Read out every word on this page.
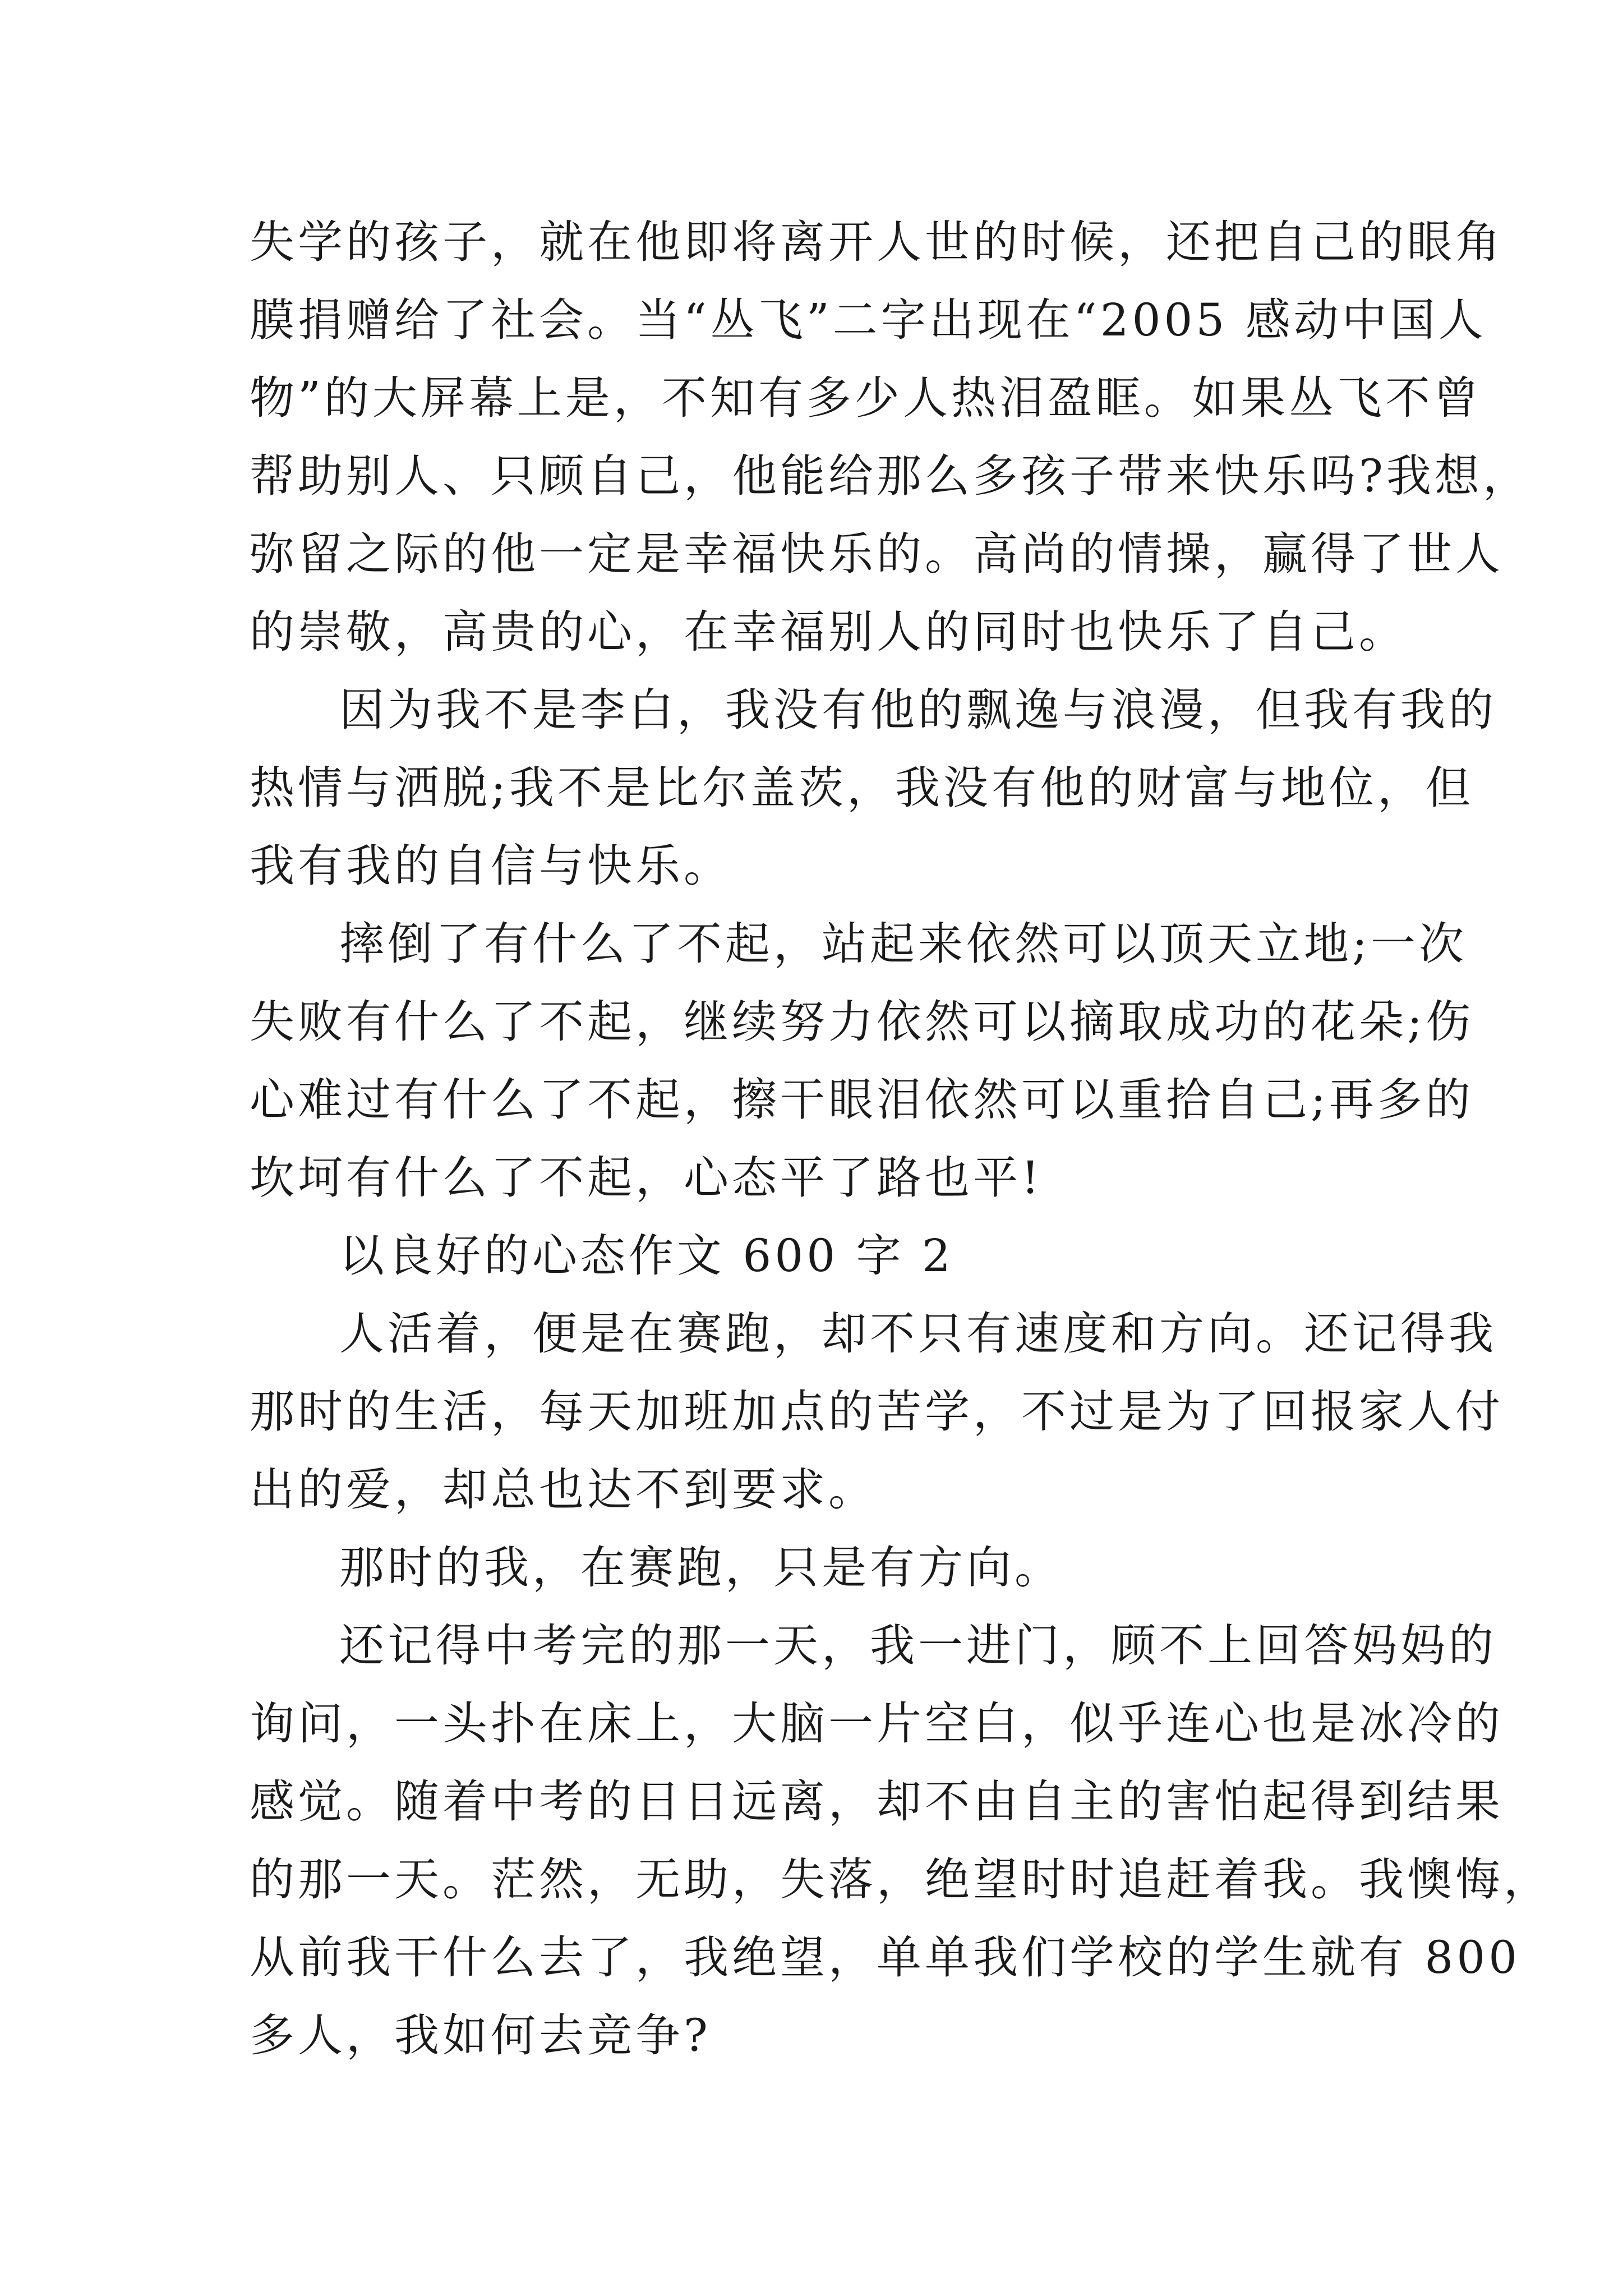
失学的孩子，就在他即将离开人世的时候，还把自己的眼角
膜捐赠给了社会。当“丛飞”二字出现在“2005 感动中国人
物”的大屏幕上是，不知有多少人热泪盈眶。如果丛飞不曾
帮助别人、只顾自己，他能给那么多孩子带来快乐吗?我想，
弥留之际的他一定是幸福快乐的。高尚的情操，赢得了世人
的崇敬，高贵的心，在幸福别人的同时也快乐了自己。
因为我不是李白，我没有他的飘逸与浪漫，但我有我的
热情与洒脱;我不是比尔盖茨，我没有他的财富与地位，但
我有我的自信与快乐。
摔倒了有什么了不起，站起来依然可以顶天立地;一次
失败有什么了不起，继续努力依然可以摘取成功的花朵;伤
心难过有什么了不起，擦干眼泪依然可以重拾自己;再多的
坎坷有什么了不起，心态平了路也平!
以良好的心态作文 600 字 2
人活着，便是在赛跑，却不只有速度和方向。还记得我
那时的生活，每天加班加点的苦学，不过是为了回报家人付
出的爱，却总也达不到要求。
那时的我，在赛跑，只是有方向。
还记得中考完的那一天，我一进门，顾不上回答妈妈的
询问，一头扑在床上，大脑一片空白，似乎连心也是冰冷的
感觉。随着中考的日日远离，却不由自主的害怕起得到结果
的那一天。茫然，无助，失落，绝望时时追赶着我。我懊悔，
从前我干什么去了，我绝望，单单我们学校的学生就有 800
多人，我如何去竞争?
